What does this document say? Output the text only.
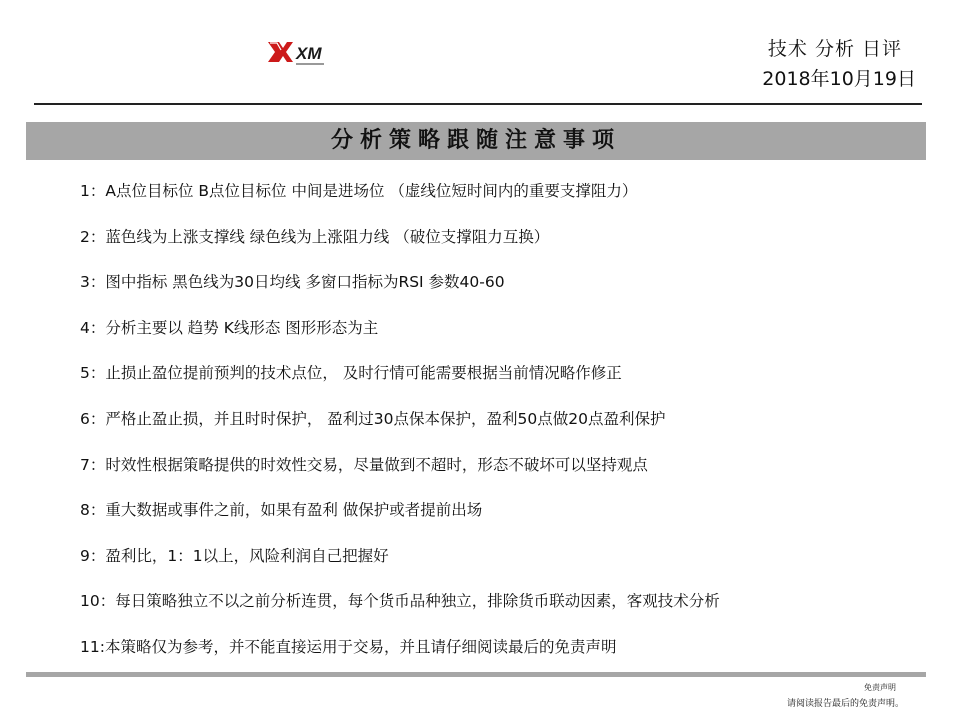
XM	技术 分析 日评
2018年10月19日
分析策略跟随注意事项
1：A点位目标位 B点位目标位 中间是进场位 （虚线位短时间内的重要支撑阻力）
2：蓝色线为上涨支撑线 绿色线为上涨阻力线 （破位支撑阻力互换）
3：图中指标 黑色线为30日均线 多窗口指标为RSI 参数40-60
4：分析主要以 趋势 K线形态 图形形态为主
5：止损止盈位提前预判的技术点位， 及时行情可能需要根据当前情况略作修正
6：严格止盈止损，并且时时保护， 盈利过30点保本保护，盈利50点做20点盈利保护
7：时效性根据策略提供的时效性交易，尽量做到不超时，形态不破坏可以坚持观点
8：重大数据或事件之前，如果有盈利 做保护或者提前出场
9：盈利比，1：1以上，风险利润自己把握好
10：每日策略独立不以之前分析连贯，每个货币品种独立，排除货币联动因素，客观技术分析
11:本策略仅为参考，并不能直接运用于交易，并且请仔细阅读最后的免责声明
免责声明
请阅读报告最后的免责声明。
